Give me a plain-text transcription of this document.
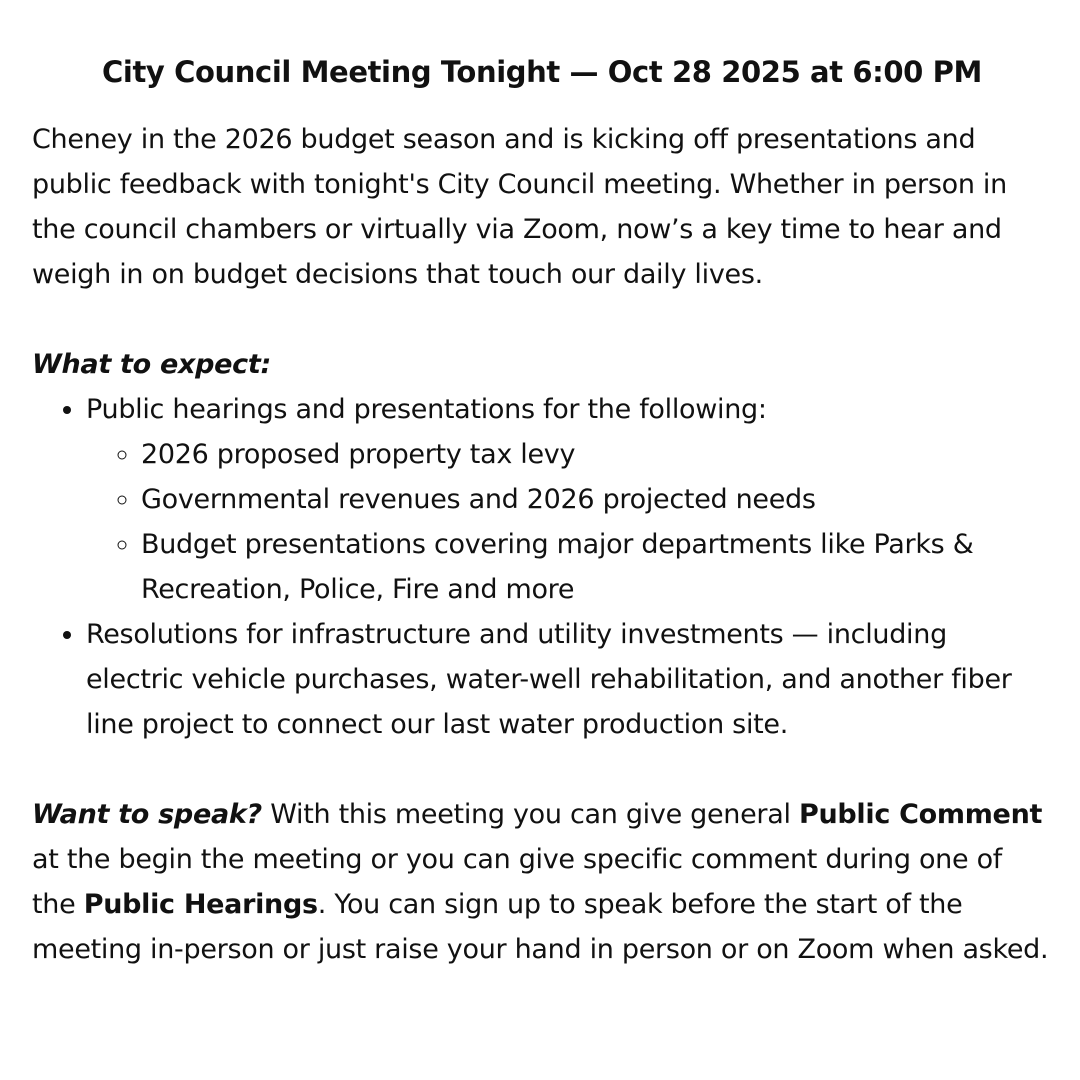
City Council Meeting Tonight — Oct 28 2025 at 6:00 PM

Cheney in the 2026 budget season and is kicking off presentations and public feedback with tonight's City Council meeting. Whether in person in the council chambers or virtually via Zoom, now’s a key time to hear and weigh in on budget decisions that touch our daily lives.

What to expect:

• Public hearings and presentations for the following:
◦ 2026 proposed property tax levy
◦ Governmental revenues and 2026 projected needs
◦ Budget presentations covering major departments like Parks & Recreation, Police, Fire and more
• Resolutions for infrastructure and utility investments — including electric vehicle purchases, water-well rehabilitation, and another fiber line project to connect our last water production site.

Want to speak? With this meeting you can give general Public Comment at the begin the meeting or you can give specific comment during one of the Public Hearings. You can sign up to speak before the start of the meeting in-person or just raise your hand in person or on Zoom when asked.
